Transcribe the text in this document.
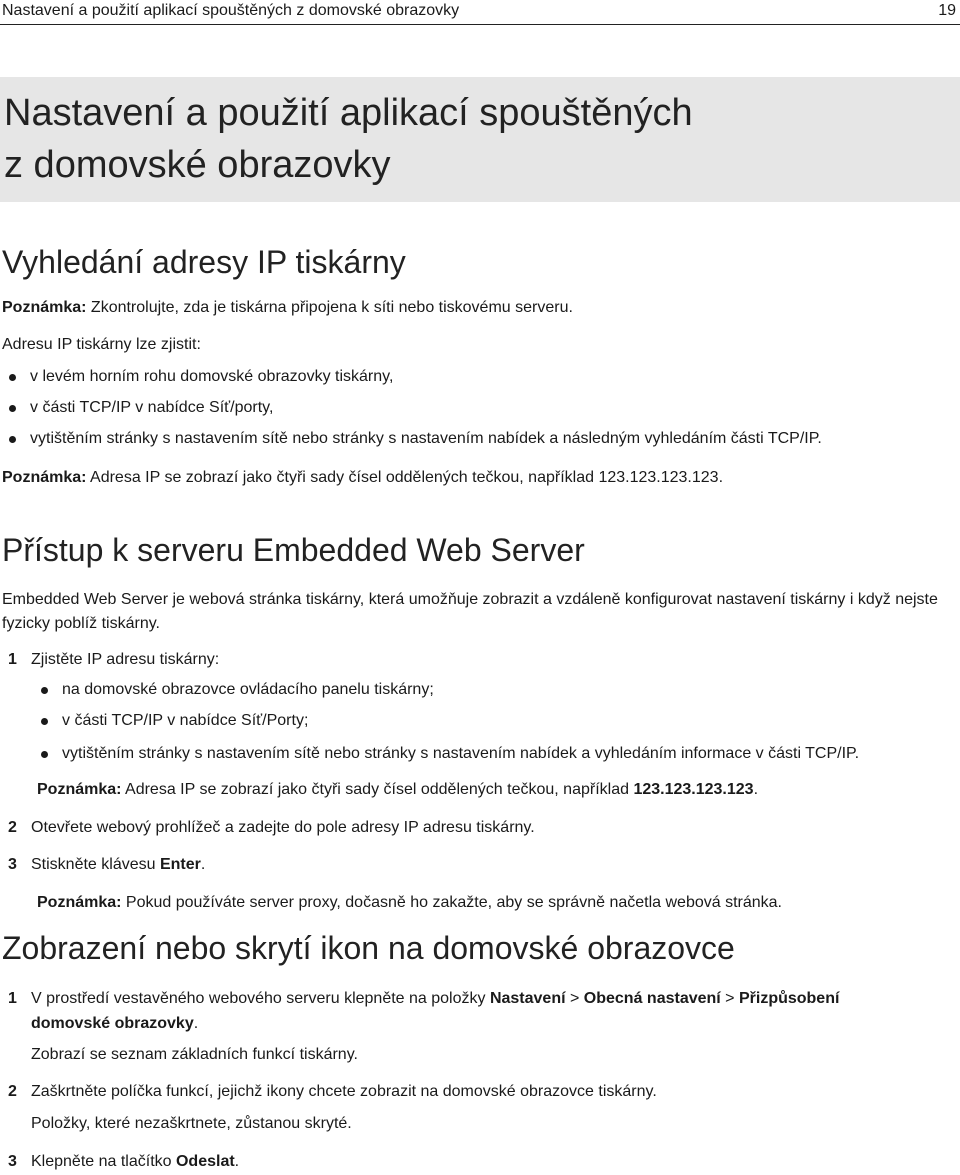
Nastavení a použití aplikací spouštěných z domovské obrazovky	19
Nastavení a použití aplikací spouštěných
z domovské obrazovky
Vyhledání adresy IP tiskárny
Poznámka: Zkontrolujte, zda je tiskárna připojena k síti nebo tiskovému serveru.
Adresu IP tiskárny lze zjistit:
v levém horním rohu domovské obrazovky tiskárny,
v části TCP/IP v nabídce Síť/porty,
vytištěním stránky s nastavením sítě nebo stránky s nastavením nabídek a následným vyhledáním části TCP/IP.
Poznámka: Adresa IP se zobrazí jako čtyři sady čísel oddělených tečkou, například 123.123.123.123.
Přístup k serveru Embedded Web Server
Embedded Web Server je webová stránka tiskárny, která umožňuje zobrazit a vzdáleně konfigurovat nastavení tiskárny i když nejste fyzicky poblíž tiskárny.
1 Zjistěte IP adresu tiskárny:
na domovské obrazovce ovládacího panelu tiskárny;
v části TCP/IP v nabídce Síť/Porty;
vytištěním stránky s nastavením sítě nebo stránky s nastavením nabídek a vyhledáním informace v části TCP/IP.
Poznámka: Adresa IP se zobrazí jako čtyři sady čísel oddělených tečkou, například 123.123.123.123.
2 Otevřete webový prohlížeč a zadejte do pole adresy IP adresu tiskárny.
3 Stiskněte klávesu Enter.
Poznámka: Pokud používáte server proxy, dočasně ho zakažte, aby se správně načetla webová stránka.
Zobrazení nebo skrytí ikon na domovské obrazovce
1 V prostředí vestavěného webového serveru klepněte na položky Nastavení > Obecná nastavení > Přizpůsobení
domovské obrazovky.
Zobrazí se seznam základních funkcí tiskárny.
2 Zaškrtněte políčka funkcí, jejichž ikony chcete zobrazit na domovské obrazovce tiskárny.
Položky, které nezaškrtnete, zůstanou skryté.
3 Klepněte na tlačítko Odeslat.
